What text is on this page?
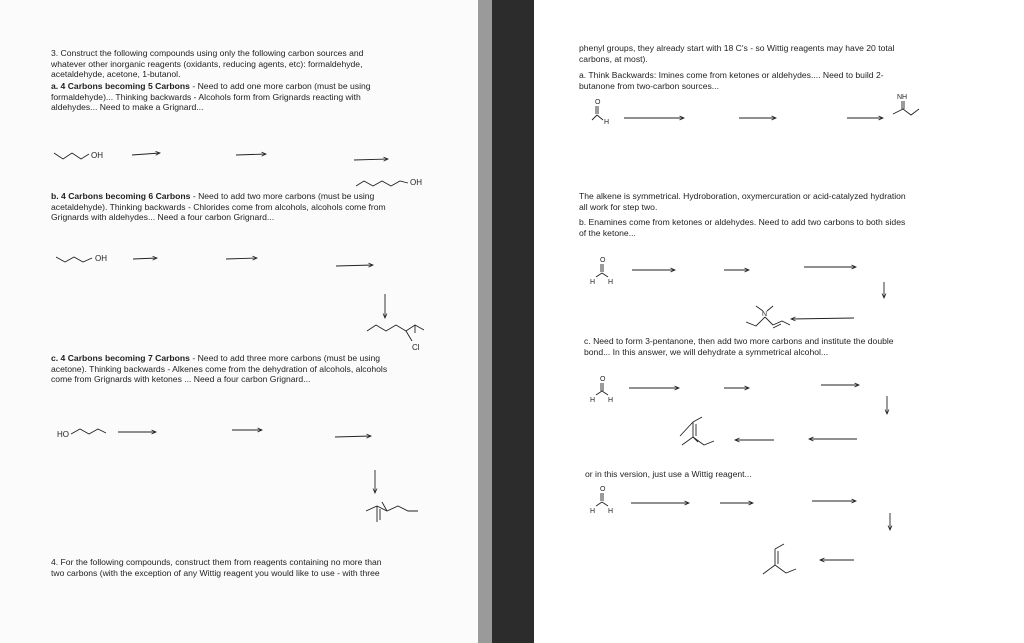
3. Construct the following compounds using only the following carbon sources and
whatever other inorganic reagents (oxidants, reducing agents, etc): formaldehyde,
acetaldehyde, acetone, 1-butanol.
a. 4 Carbons becoming 5 Carbons - Need to add one more carbon (must be using
formaldehyde)... Thinking backwards - Alcohols form from Grignards reacting with
aldehydes... Need to make a Grignard...
b. 4 Carbons becoming 6 Carbons - Need to add two more carbons (must be using
acetaldehyde). Thinking backwards - Chlorides come from alcohols, alcohols come from
Grignards with aldehydes... Need a four carbon Grignard...
c. 4 Carbons becoming 7 Carbons - Need to add three more carbons (must be using
acetone). Thinking backwards - Alkenes come from the dehydration of alcohols, alcohols
come from Grignards with ketones ... Need a four carbon Grignard...
4. For the following compounds, construct them from reagents containing no more than
two carbons (with the exception of any Wittig reagent you would like to use - with three
OH
OH
OH
Cl
HO
phenyl groups, they already start with 18 C's - so Wittig reagents may have 20 total
carbons, at most).
a. Think Backwards: Imines come from ketones or aldehydes.... Need to build 2-
butanone from two-carbon sources...
The alkene is symmetrical. Hydroboration, oxymercuration or acid-catalyzed hydration
all work for step two.
b. Enamines come from ketones or aldehydes. Need to add two carbons to both sides
of the ketone...
c. Need to form 3-pentanone, then add two more carbons and institute the double
bond... In this answer, we will dehydrate a symmetrical alcohol...
or in this version, just use a Wittig reagent...
O
H
NH
O
H H
N
O
H H
O
H H
